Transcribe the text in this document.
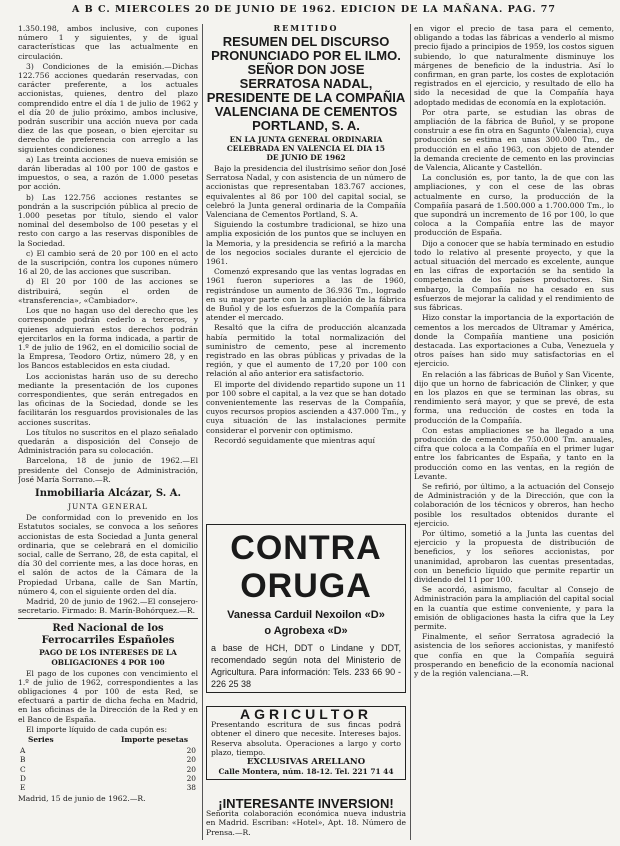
A B C. MIERCOLES 20 DE JUNIO DE 1962. EDICION DE LA MAÑANA. PAG. 77

1.350.198, ambos inclusive, con cupones número 1 y siguientes, y de igual características que las actualmente en circulación.

3) Condiciones de la emisión.—Dichas 122.756 acciones quedarán reservadas, con carácter preferente, a los actuales accionistas, quienes, dentro del plazo comprendido entre el día 1 de julio de 1962 y el día 20 de julio próximo, ambos inclusive, podrán suscribir una acción nueva por cada diez de las que posean, o bien ejercitar su derecho de preferencia con arreglo a las siguientes condiciones:

a) Las treinta acciones de nueva emisión se darán liberadas al 100 por 100 de gastos e impuestos, o sea, a razón de 1.000 pesetas por acción.

b) Las 122.756 acciones restantes se pondrán a la suscripción pública al precio de 1.000 pesetas por título, siendo el valor nominal del desembolso de 100 pesetas y el resto con cargo a las reservas disponibles de la Sociedad.

c) El cambio será de 20 por 100 en el acto de la suscripción, contra los cupones número 16 al 20, de las acciones que suscriban.

d) El 20 por 100 de las acciones se distribuirá, según el orden de «transferencia», «Cambiador».

Los que no hagan uso del derecho que les corresponde podrán cederlo a terceros, y quienes adquieran estos derechos podrán ejercitarlos en la forma indicada, a partir de 1.º de julio de 1962, en el domicilio social de la Empresa, Teodoro Ortiz, número 28, y en los Bancos establecidos en esta ciudad.

Los accionistas harán uso de su derecho mediante la presentación de los cupones correspondientes, que serán entregados en las oficinas de la Sociedad, donde se les facilitarán los resguardos provisionales de las acciones suscritas.

Los títulos no suscritos en el plazo señalado quedarán a disposición del Consejo de Administración para su colocación.

Barcelona, 18 de junio de 1962.—El presidente del Consejo de Administración, José María Sorrano.—R.

Inmobiliaria Alcázar, S. A.
JUNTA GENERAL

De conformidad con lo prevenido en los Estatutos sociales, se convoca a los señores accionistas de esta Sociedad a Junta general ordinaria, que se celebrará en el domicilio social, calle de Serrano, 28, de esta capital, el día 30 del corriente mes, a las doce horas, en el salón de actos de la Cámara de la Propiedad Urbana, calle de San Martín, número 4, con el siguiente orden del día.

Madrid, 20 de junio de 1962.—El consejero-secretario. Firmado: B. Marín-Bohórquez.—R.

Red Nacional de los Ferrocarriles Españoles
PAGO DE LOS INTERESES DE LA
OBLIGACIONES 4 POR 100

El pago de los cupones con vencimiento el 1.º de julio de 1962, correspondientes a las obligaciones 4 por 100 de esta Red, se efectuará a partir de dicha fecha en Madrid, en las oficinas de la Dirección de la Red y en el Banco de España.

El importe líquido de cada cupón es:

Series	Importe pesetas
A	20
B	20
C	20
D	20
E	38

Madrid, 15 de junio de 1962.—R.

REMITIDO
RESUMEN DEL DISCURSO PRONUNCIADO POR EL ILMO. SEÑOR DON JOSE SERRATOSA NADAL, PRESIDENTE DE LA COMPAÑIA VALENCIANA DE CEMENTOS PORTLAND, S. A.
EN LA JUNTA GENERAL ORDINARIA CELEBRADA EN VALENCIA EL DIA 15
DE JUNIO DE 1962

Bajo la presidencia del ilustrísimo señor don José Serratosa Nadal, y con asistencia de un número de accionistas que representaban 183.767 acciones, equivalentes al 86 por 100 del capital social, se celebró la Junta general ordinaria de la Compañía Valenciana de Cementos Portland, S. A.

Siguiendo la costumbre tradicional, se hizo una amplia exposición de los puntos que se incluyen en la Memoria, y la presidencia se refirió a la marcha de los negocios sociales durante el ejercicio de 1961.

Comenzó expresando que las ventas logradas en 1961 fueron superiores a las de 1960, registrándose un aumento de 36.936 Tm., logrado en su mayor parte con la ampliación de la fábrica de Buñol y de los esfuerzos de la Compañía para atender el mercado.

Resaltó que la cifra de producción alcanzada había permitido la total normalización del suministro de cemento, pese al incremento registrado en las obras públicas y privadas de la región, y que el aumento de 17,20 por 100 con relación al año anterior era satisfactorio.

El importe del dividendo repartido supone un 11 por 100 sobre el capital, a la vez que se han dotado convenientemente las reservas de la Compañía, cuyos recursos propios ascienden a 437.000 Tm., y cuya situación de las instalaciones permite considerar el porvenir con optimismo.

Recordó seguidamente que mientras aquí

CONTRA ORUGA
Vanessa Carduil Nexoilon «D»
o Agrobexa «D»
a base de HCH, DDT o Lindane y DDT, recomendado según nota del Ministerio de Agricultura. Para información: Tels. 233 66 90 - 226 25 38
AGRICULTOR

Presentando escritura de sus fincas podrá obtener el dinero que necesite. Intereses bajos. Reserva absoluta. Operaciones a largo y corto plazo, tiempo.

EXCLUSIVAS ARELLANO
Calle Montera, núm. 18-12. Tel. 221 71 44
¡INTERESANTE INVERSION!

Señorita colaboración económica nueva industria en Madrid. Escriban: «Hotel», Apt. 18. Número de Prensa.—R.

en vigor el precio de tasa para el cemento, obligando a todas las fábricas a venderlo al mismo precio fijado a principios de 1959, los costos siguen subiendo, lo que naturalmente disminuye los márgenes de beneficio de la industria. Así lo confirman, en gran parte, los costes de explotación registrados en el ejercicio, y resultado de ello ha sido la necesidad de que la Compañía haya adoptado medidas de economía en la explotación.

Por otra parte, se estudian las obras de ampliación de la fábrica de Buñol, y se propone construir a ese fin otra en Sagunto (Valencia), cuya producción se estima en unas 300.000 Tm., de producción en el año 1963, con objeto de atender la demanda creciente de cemento en las provincias de Valencia, Alicante y Castellón.

La conclusión es, por tanto, la de que con las ampliaciones, y con el cese de las obras actualmente en curso, la producción de la Compañía pasará de 1.500.000 a 1.700.000 Tm., lo que supondrá un incremento de 16 por 100, lo que coloca a la Compañía entre las de mayor producción de España.

Dijo a conocer que se había terminado en estudio todo lo relativo al presente proyecto, y que la actual situación del mercado es excelente, aunque en las cifras de exportación se ha sentido la competencia de los países productores. Sin embargo, la Compañía no ha cesado en sus esfuerzos de mejorar la calidad y el rendimiento de sus fábricas.

Hizo constar la importancia de la exportación de cementos a los mercados de Ultramar y América, donde la Compañía mantiene una posición destacada. Las exportaciones a Cuba, Venezuela y otros países han sido muy satisfactorias en el ejercicio.

En relación a las fábricas de Buñol y San Vicente, dijo que un horno de fabricación de Clinker, y que en los plazos en que se terminan las obras, su rendimiento será mayor, y que se prevé, de esta forma, una reducción de costes en toda la producción de la Compañía.

Con estas ampliaciones se ha llegado a una producción de cemento de 750.000 Tm. anuales, cifra que coloca a la Compañía en el primer lugar entre los fabricantes de España, y tanto en la producción como en las ventas, en la región de Levante.

Se refirió, por último, a la actuación del Consejo de Administración y de la Dirección, que con la colaboración de los técnicos y obreros, han hecho posible los resultados obtenidos durante el ejercicio.

Por último, sometió a la Junta las cuentas del ejercicio y la propuesta de distribución de beneficios, y los señores accionistas, por unanimidad, aprobaron las cuentas presentadas, con un beneficio líquido que permite repartir un dividendo del 11 por 100.

Se acordó, asimismo, facultar al Consejo de Administración para la ampliación del capital social en la cuantía que estime conveniente, y para la emisión de obligaciones hasta la cifra que la Ley permite.

Finalmente, el señor Serratosa agradeció la asistencia de los señores accionistas, y manifestó que confía en que la Compañía seguirá prosperando en beneficio de la economía nacional y de la región valenciana.—R.
